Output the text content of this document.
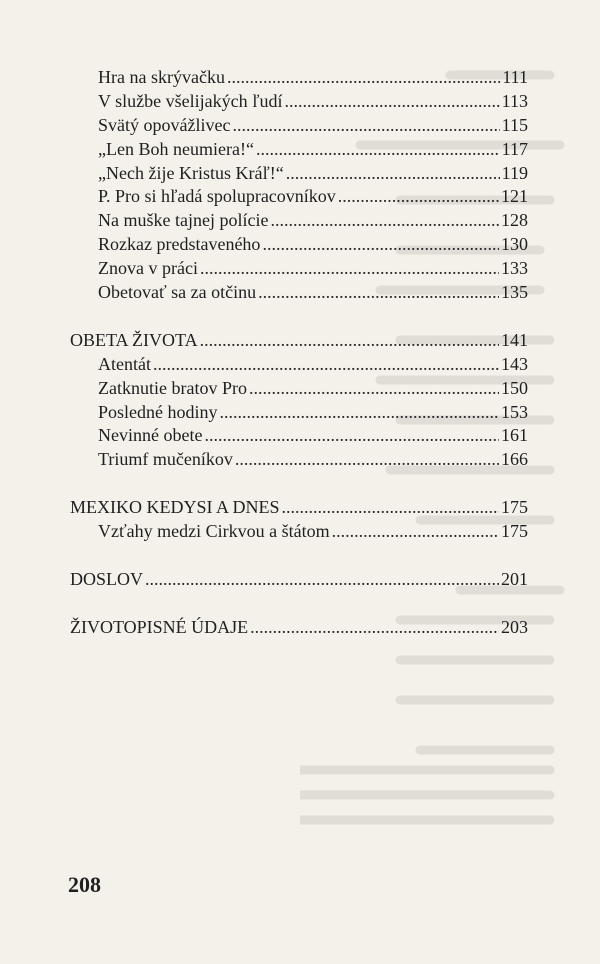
Hra na skrývačku .....	111
V službe všelijakých ľudí .....	113
Svätý opovážlivec .....	115
„Len Boh neumiera!“ .....	117
„Nech žije Kristus Kráľ!“ .....	119
P. Pro si hľadá spolupracovníkov .....	121
Na muške tajnej polície .....	128
Rozkaz predstaveného .....	130
Znova v práci .....	133
Obetovať sa za otčinu .....	135
OBETA ŽIVOTA .....	141
Atentát .....	143
Zatknutie bratov Pro .....	150
Posledné hodiny .....	153
Nevinné obete .....	161
Triumf mučeníkov .....	166
MEXIKO KEDYSI A DNES .....	175
Vzťahy medzi Cirkvou a štátom .....	175
DOSLOV .....	201
ŽIVOTOPISNÉ ÚDAJE .....	203
208
